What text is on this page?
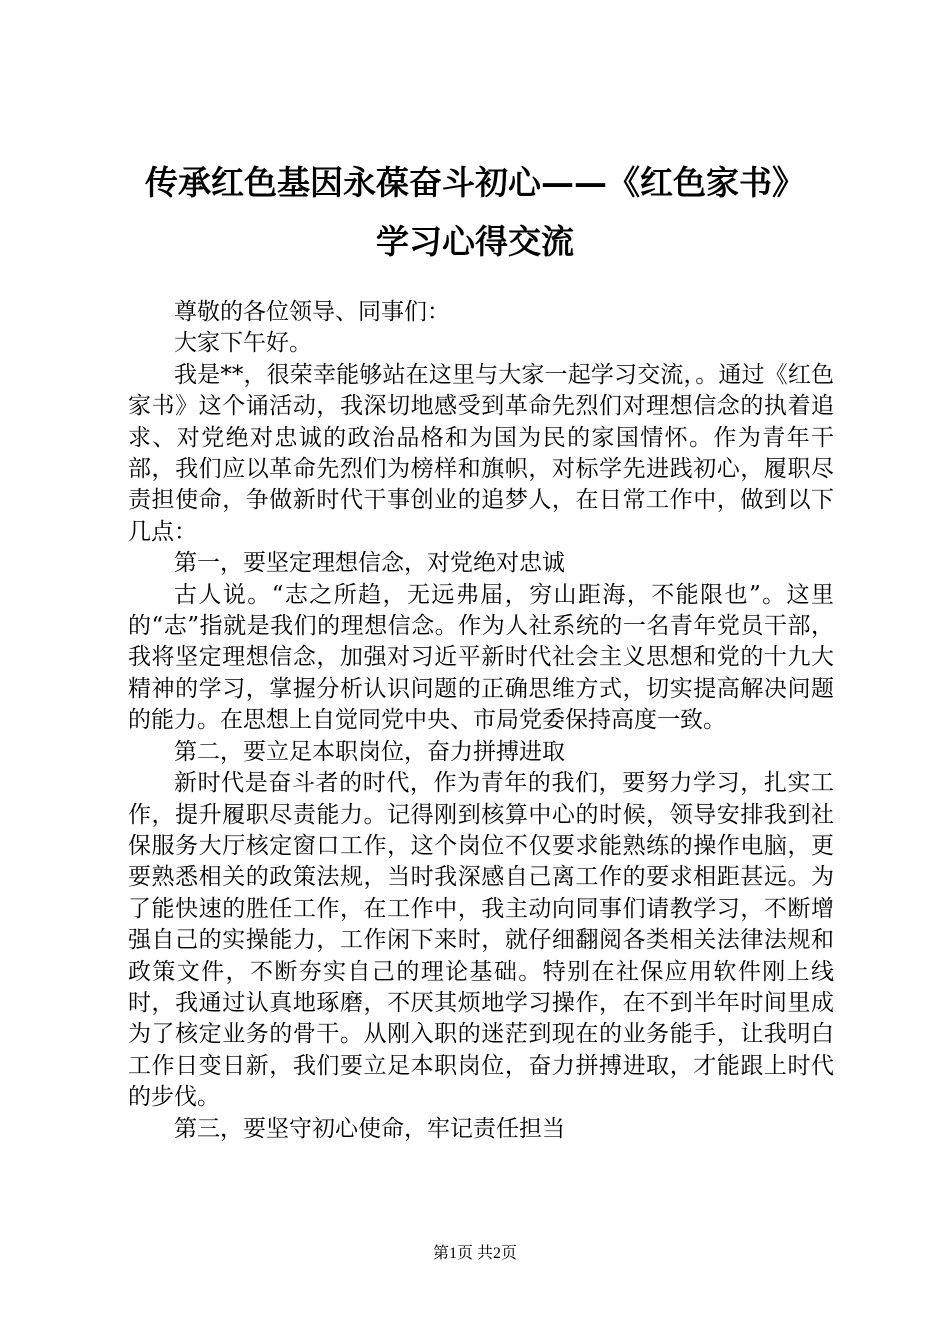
传承红色基因永葆奋斗初心——《红色家书》
学习心得交流

尊敬的各位领导、同事们：

大家下午好。

我是**，很荣幸能够站在这里与大家一起学习交流，。通过《红色家书》这个诵活动，我深切地感受到革命先烈们对理想信念的执着追求、对党绝对忠诚的政治品格和为国为民的家国情怀。作为青年干部，我们应以革命先烈们为榜样和旗帜，对标学先进践初心，履职尽责担使命，争做新时代干事创业的追梦人，在日常工作中，做到以下几点：

第一，要坚定理想信念，对党绝对忠诚

古人说。“志之所趋，无远弗届，穷山距海，不能限也”。这里的“志”指就是我们的理想信念。作为人社系统的一名青年党员干部，我将坚定理想信念，加强对习近平新时代社会主义思想和党的十九大精神的学习，掌握分析认识问题的正确思维方式，切实提高解决问题的能力。在思想上自觉同党中央、市局党委保持高度一致。

第二，要立足本职岗位，奋力拼搏进取

新时代是奋斗者的时代，作为青年的我们，要努力学习，扎实工作，提升履职尽责能力。记得刚到核算中心的时候，领导安排我到社保服务大厅核定窗口工作，这个岗位不仅要求能熟练的操作电脑，更要熟悉相关的政策法规，当时我深感自己离工作的要求相距甚远。为了能快速的胜任工作，在工作中，我主动向同事们请教学习，不断增强自己的实操能力，工作闲下来时，就仔细翻阅各类相关法律法规和政策文件，不断夯实自己的理论基础。特别在社保应用软件刚上线时，我通过认真地琢磨，不厌其烦地学习操作，在不到半年时间里成为了核定业务的骨干。从刚入职的迷茫到现在的业务能手，让我明白工作日变日新，我们要立足本职岗位，奋力拼搏进取，才能跟上时代的步伐。

第三，要坚守初心使命，牢记责任担当

第1页 共2页
